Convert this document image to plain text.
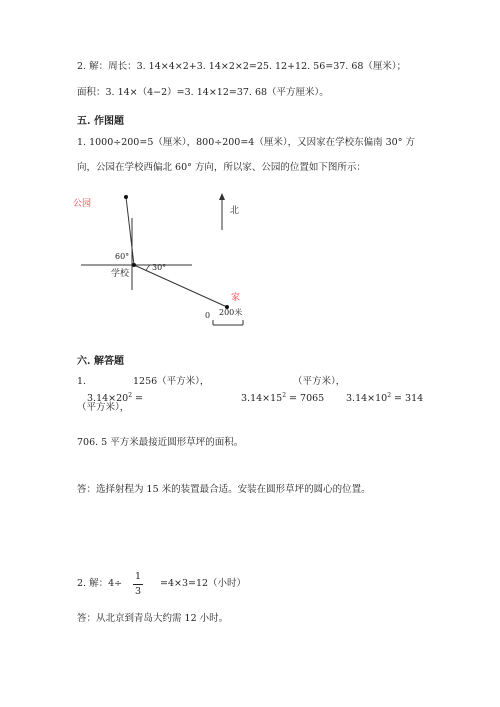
2. 解：周长：3. 14×4×2+3. 14×2×2=25. 12+12. 56=37. 68（厘米）；
面积：3. 14×（4−2）=3. 14×12=37. 68（平方厘米）。
五. 作图题
1. 1000÷200=5（厘米），800÷200=4（厘米），又因家在学校东偏南 30° 方
向，公园在学校西偏北 60° 方向，所以家、公园的位置如下图所示：
公园
60°
30°
学校
北
家
0 200米
六. 解答题
1.	1256（平方米），	（平方米），
$3.14\times 20^2$ =	$3.14\times 15^2 = 7065$ $3.14\times 10^2 = 314$
（平方米），
706. 5 平方米最接近圆形草坪的面积。
答：选择射程为 15 米的装置最合适。安装在圆形草坪的圆心的位置。
2. 解：4÷
1
3
=4×3=12（小时）
答：从北京到青岛大约需 12 小时。
